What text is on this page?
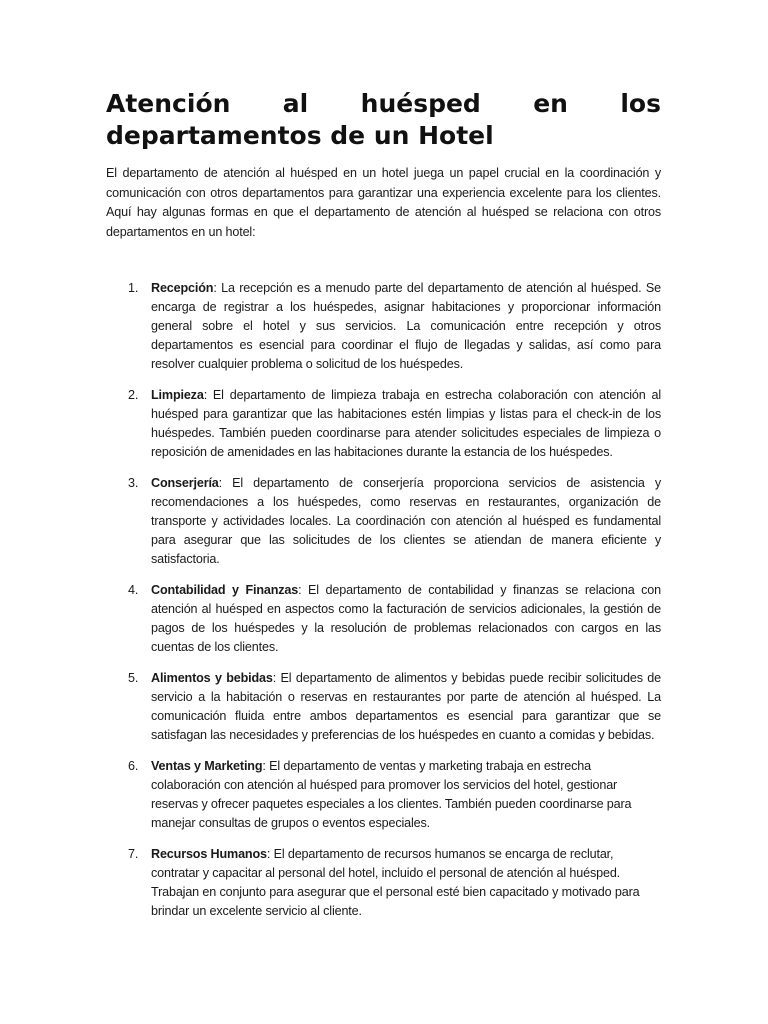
Atención al huésped en los departamentos de un Hotel

El departamento de atención al huésped en un hotel juega un papel crucial en la coordinación y comunicación con otros departamentos para garantizar una experiencia excelente para los clientes. Aquí hay algunas formas en que el departamento de atención al huésped se relaciona con otros departamentos en un hotel:

1. Recepción: La recepción es a menudo parte del departamento de atención al huésped. Se encarga de registrar a los huéspedes, asignar habitaciones y proporcionar información general sobre el hotel y sus servicios. La comunicación entre recepción y otros departamentos es esencial para coordinar el flujo de llegadas y salidas, así como para resolver cualquier problema o solicitud de los huéspedes.
2. Limpieza: El departamento de limpieza trabaja en estrecha colaboración con atención al huésped para garantizar que las habitaciones estén limpias y listas para el check-in de los huéspedes. También pueden coordinarse para atender solicitudes especiales de limpieza o reposición de amenidades en las habitaciones durante la estancia de los huéspedes.
3. Conserjería: El departamento de conserjería proporciona servicios de asistencia y recomendaciones a los huéspedes, como reservas en restaurantes, organización de transporte y actividades locales. La coordinación con atención al huésped es fundamental para asegurar que las solicitudes de los clientes se atiendan de manera eficiente y satisfactoria.
4. Contabilidad y Finanzas: El departamento de contabilidad y finanzas se relaciona con atención al huésped en aspectos como la facturación de servicios adicionales, la gestión de pagos de los huéspedes y la resolución de problemas relacionados con cargos en las cuentas de los clientes.
5. Alimentos y bebidas: El departamento de alimentos y bebidas puede recibir solicitudes de servicio a la habitación o reservas en restaurantes por parte de atención al huésped. La comunicación fluida entre ambos departamentos es esencial para garantizar que se satisfagan las necesidades y preferencias de los huéspedes en cuanto a comidas y bebidas.
6. Ventas y Marketing: El departamento de ventas y marketing trabaja en estrecha colaboración con atención al huésped para promover los servicios del hotel, gestionar reservas y ofrecer paquetes especiales a los clientes. También pueden coordinarse para manejar consultas de grupos o eventos especiales.
7. Recursos Humanos: El departamento de recursos humanos se encarga de reclutar, contratar y capacitar al personal del hotel, incluido el personal de atención al huésped. Trabajan en conjunto para asegurar que el personal esté bien capacitado y motivado para brindar un excelente servicio al cliente.
